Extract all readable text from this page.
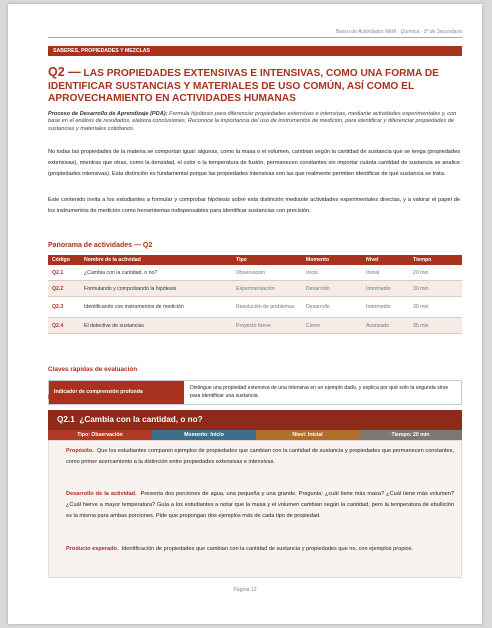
Banco de Actividades NEM · Química · 3° de Secundaria
SABERES, PROPIEDADES Y MEZCLAS
Q2 — LAS PROPIEDADES EXTENSIVAS E INTENSIVAS, COMO UNA FORMA DE IDENTIFICAR SUSTANCIAS Y MATERIALES DE USO COMÚN, ASÍ COMO EL APROVECHAMIENTO EN ACTIVIDADES HUMANAS
Proceso de Desarrollo de Aprendizaje (PDA): Formula hipótesis para diferenciar propiedades extensivas e intensivas, mediante actividades experimentales y, con base en el análisis de resultados, elabora conclusiones. Reconoce la importancia del uso de instrumentos de medición, para identificar y diferenciar propiedades de sustancias y materiales cotidianos.
No todas las propiedades de la materia se comportan igual: algunas, como la masa o el volumen, cambian según la cantidad de sustancia que se tenga (propiedades extensivas), mientras que otras, como la densidad, el color o la temperatura de fusión, permanecen constantes sin importar cuánta cantidad de sustancia se analice (propiedades intensivas). Esta distinción es fundamental porque las propiedades intensivas son las que realmente permiten identificar de qué sustancia se trata.
Este contenido invita a los estudiantes a formular y comprobar hipótesis sobre esta distinción mediante actividades experimentales directas, y a valorar el papel de los instrumentos de medición como herramientas indispensables para identificar sustancias con precisión.
Panorama de actividades — Q2
Código	Nombre de la actividad	Tipo	Momento	Nivel	Tiempo
Q2.1	¿Cambia con la cantidad, o no?	Observación	Inicio	Inicial	20 min
Q2.2	Formulando y comprobando la hipótesis	Experimentación	Desarrollo	Intermedio	30 min
Q2.3	Identificando con instrumentos de medición	Resolución de problemas	Desarrollo	Intermedio	30 min
Q2.4	El detective de sustancias	Proyecto breve	Cierre	Avanzado	35 min
Claves rápidas de evaluación
Indicador de comprensión profunda
Distingue una propiedad extensiva de una intensiva en un ejemplo dado, y explica por qué solo la segunda sirve para identificar una sustancia.
Fichas de actividad
Q2.1 ¿Cambia con la cantidad, o no?
Tipo: Observación	Momento: Inicio	Nivel: Inicial	Tiempo: 20 min
Propósito. Que los estudiantes comparen ejemplos de propiedades que cambian con la cantidad de sustancia y propiedades que permanecen constantes, como primer acercamiento a la distinción entre propiedades extensivas e intensivas.
Desarrollo de la actividad. Presenta dos porciones de agua, una pequeña y una grande. Pregunta: ¿cuál tiene más masa? ¿Cuál tiene más volumen? ¿Cuál hierve a mayor temperatura? Guía a los estudiantes a notar que la masa y el volumen cambian según la cantidad, pero la temperatura de ebullición es la misma para ambas porciones. Pide que propongan dos ejemplos más de cada tipo de propiedad.
Producto esperado. Identificación de propiedades que cambian con la cantidad de sustancia y propiedades que no, con ejemplos propios.
Página 12
